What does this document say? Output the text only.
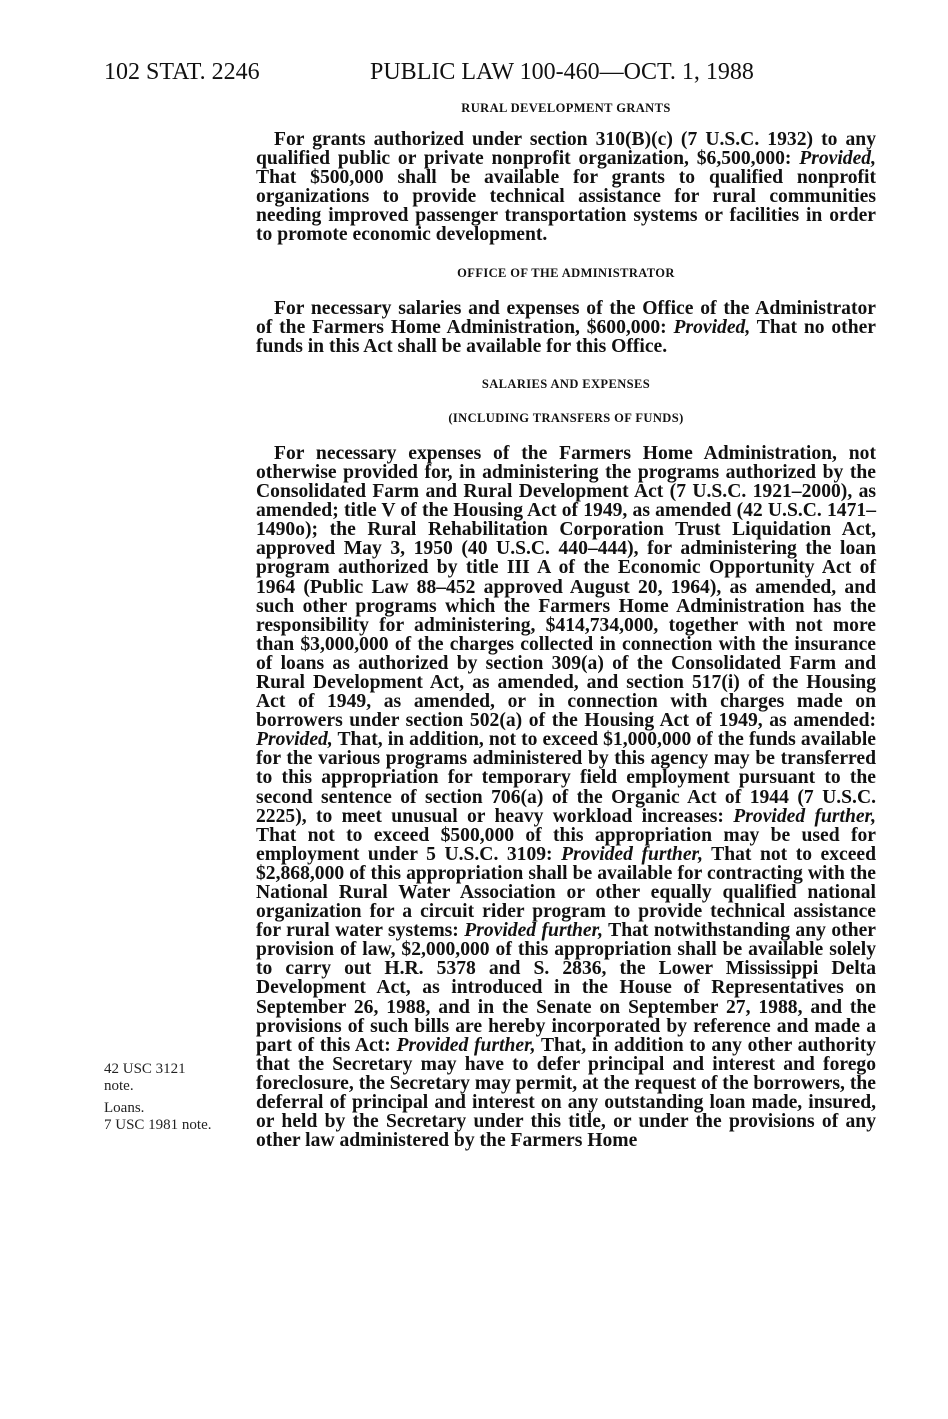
102 STAT. 2246	PUBLIC LAW 100-460—OCT. 1, 1988
RURAL DEVELOPMENT GRANTS

For grants authorized under section 310(B)(c) (7 U.S.C. 1932) to any qualified public or private nonprofit organization, $6,500,000: Provided, That $500,000 shall be available for grants to qualified nonprofit organizations to provide technical assistance for rural communities needing improved passenger transportation systems or facilities in order to promote economic development.

OFFICE OF THE ADMINISTRATOR

For necessary salaries and expenses of the Office of the Administrator of the Farmers Home Administration, $600,000: Provided, That no other funds in this Act shall be available for this Office.

SALARIES AND EXPENSES
(INCLUDING TRANSFERS OF FUNDS)

For necessary expenses of the Farmers Home Administration, not otherwise provided for, in administering the programs authorized by the Consolidated Farm and Rural Development Act (7 U.S.C. 1921–2000), as amended; title V of the Housing Act of 1949, as amended (42 U.S.C. 1471–1490o); the Rural Rehabilitation Corporation Trust Liquidation Act, approved May 3, 1950 (40 U.S.C. 440–444), for administering the loan program authorized by title III A of the Economic Opportunity Act of 1964 (Public Law 88–452 approved August 20, 1964), as amended, and such other programs which the Farmers Home Administration has the responsibility for administering, $414,734,000, together with not more than $3,000,000 of the charges collected in connection with the insurance of loans as authorized by section 309(a) of the Consolidated Farm and Rural Development Act, as amended, and section 517(i) of the Housing Act of 1949, as amended, or in connection with charges made on borrowers under section 502(a) of the Housing Act of 1949, as amended: Provided, That, in addition, not to exceed $1,000,000 of the funds available for the various programs administered by this agency may be transferred to this appropriation for temporary field employment pursuant to the second sentence of section 706(a) of the Organic Act of 1944 (7 U.S.C. 2225), to meet unusual or heavy workload increases: Provided further, That not to exceed $500,000 of this appropriation may be used for employment under 5 U.S.C. 3109: Provided further, That not to exceed $2,868,000 of this appropriation shall be available for contracting with the National Rural Water Association or other equally qualified national organization for a circuit rider program to provide technical assistance for rural water systems: Provided further, That notwithstanding any other provision of law, $2,000,000 of this appropriation shall be available solely to carry out H.R. 5378 and S. 2836, the Lower Mississippi Delta Development Act, as introduced in the House of Representatives on September 26, 1988, and in the Senate on September 27, 1988, and the provisions of such bills are hereby incorporated by reference and made a part of this Act: Provided further, That, in addition to any other authority that the Secretary may have to defer principal and interest and forego foreclosure, the Secretary may permit, at the request of the borrowers, the deferral of principal and interest on any outstanding loan made, insured, or held by the Secretary under this title, or under the provisions of any other law administered by the Farmers Home

42 USC 3121
note.
Loans.
7 USC 1981 note.
